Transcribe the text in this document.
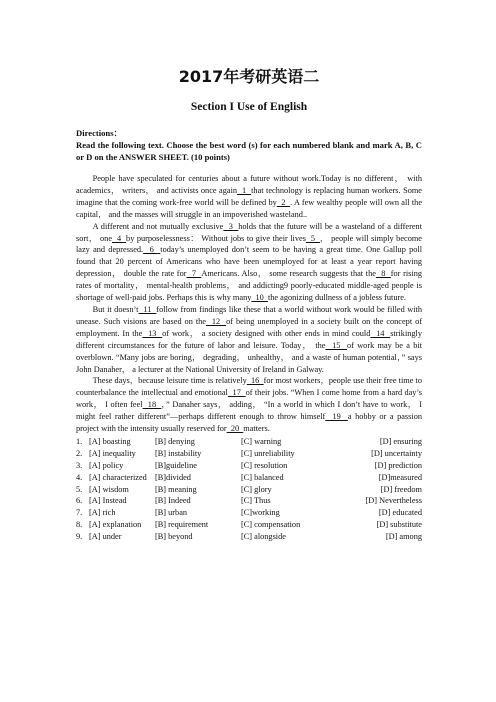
2017年考研英语二
Section I Use of English

Directions：

Read the following text. Choose the best word (s) for each numbered blank and mark A, B, C or D on the ANSWER SHEET. (10 points)

People have speculated for centuries about a future without work.Today is no different， with academics， writers， and activists once again  1  that technology is replacing human workers. Some imagine that the coming work-free world will be defined by  2  . A few wealthy people will own all the capital， and the masses will struggle in an impoverished wasteland..

A different and not mutually exclusive  3  holds that the future will be a wasteland of a different sort， one  4  by purposelessness： Without jobs to give their lives  5  ， people will simply become lazy and depressed.  6  today’s unemployed don’t seem to be having a great time. One Gallup poll found that 20 percent of Americans who have been unemployed for at least a year report having depression， double the rate for  7  Americans. Also， some research suggests that the  8  for rising rates of mortality， mental-health problems， and addicting9 poorly-educated middle-aged people is shortage of well-paid jobs. Perhaps this is why many  10  the agonizing dullness of a jobless future.

But it doesn’t  11  follow from findings like these that a world without work would be filled with unease. Such visions are based on the  12  of being unemployed in a society built on the concept of employment. In the  13  of work， a society designed with other ends in mind could  14  strikingly different circumstances for the future of labor and leisure. Today， the  15  of work may be a bit overblown. “Many jobs are boring， degrading， unhealthy， and a waste of human potential，” says John Danaher， a lecturer at the National University of Ireland in Galway.

These days，because leisure time is relatively  16  for most workers，people use their free time to counterbalance the intellectual and emotional  17  of their jobs. “When I come home from a hard day’s work， I often feel  18  ，” Danaher says， adding， “In a world in which I don’t have to work， I might feel rather different”—perhaps different enough to throw himself  19  a hobby or a passion project with the intensity usually reserved for  20  matters.

1. [A] boasting	[B] denying	[C] warning	[D] ensuring
2. [A] inequality	[B] instability	[C] unreliability	[D] uncertainty
3. [A] policy	[B]guideline	[C] resolution	[D] prediction
4. [A] characterized [B]divided	[C] balanced	[D]measured
5. [A] wisdom	[B] meaning	[C] glory	[D] freedom
6. [A] Instead	[B] Indeed	[C] Thus	[D] Nevertheless
7. [A] rich	[B] urban	[C]working	[D] educated
8. [A] explanation	[B] requirement	[C] compensation	[D] substitute
9. [A] under	[B] beyond	[C] alongside	[D] among
